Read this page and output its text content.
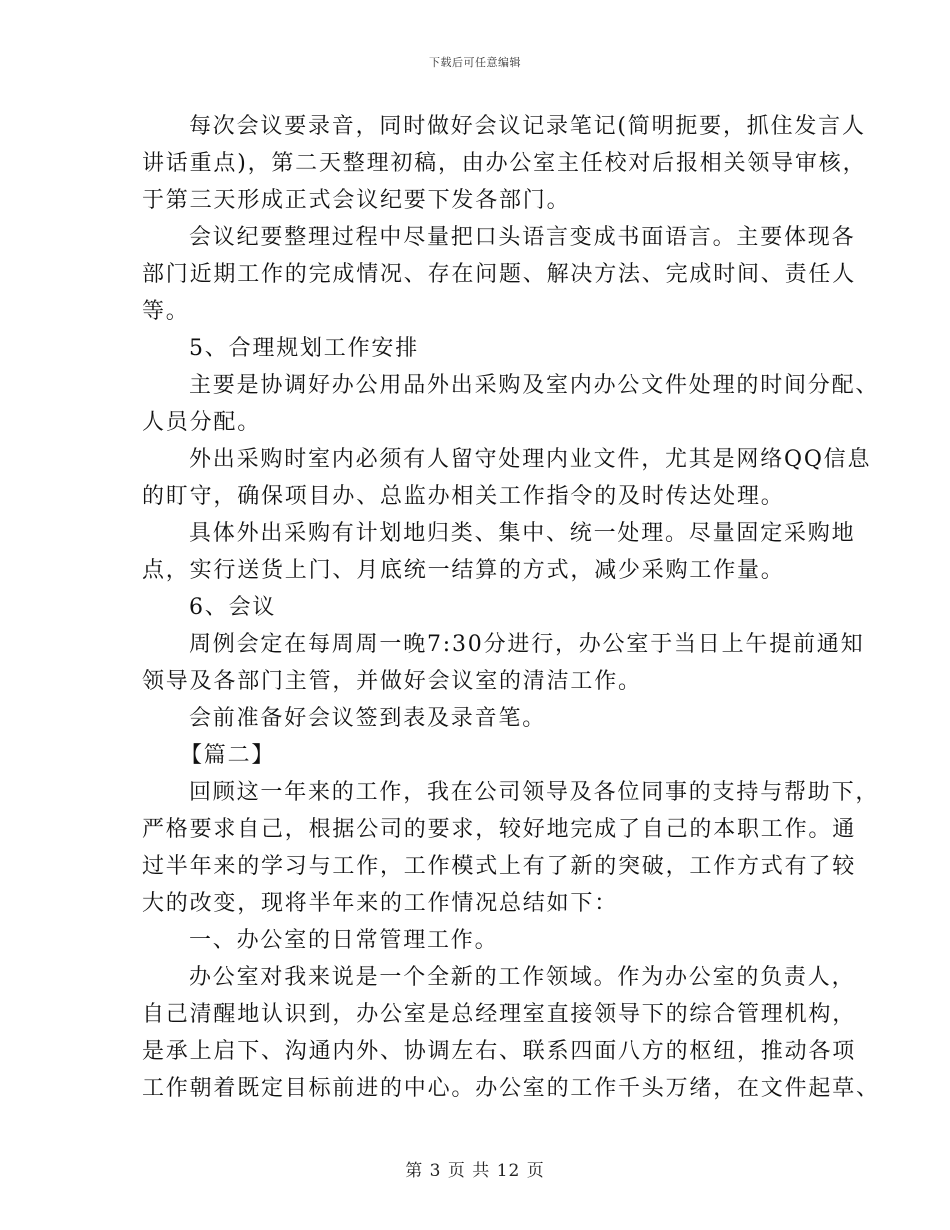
下载后可任意编辑
每次会议要录音，同时做好会议记录笔记(简明扼要，抓住发言人
讲话重点)，第二天整理初稿，由办公室主任校对后报相关领导审核，
于第三天形成正式会议纪要下发各部门。
会议纪要整理过程中尽量把口头语言变成书面语言。主要体现各
部门近期工作的完成情况、存在问题、解决方法、完成时间、责任人
等。
5、合理规划工作安排
主要是协调好办公用品外出采购及室内办公文件处理的时间分配、
人员分配。
外出采购时室内必须有人留守处理内业文件，尤其是网络QQ信息
的盯守，确保项目办、总监办相关工作指令的及时传达处理。
具体外出采购有计划地归类、集中、统一处理。尽量固定采购地
点，实行送货上门、月底统一结算的方式，减少采购工作量。
6、会议
周例会定在每周周一晚7:30分进行，办公室于当日上午提前通知
领导及各部门主管，并做好会议室的清洁工作。
会前准备好会议签到表及录音笔。
【篇二】
回顾这一年来的工作，我在公司领导及各位同事的支持与帮助下，
严格要求自己，根据公司的要求，较好地完成了自己的本职工作。通
过半年来的学习与工作，工作模式上有了新的突破，工作方式有了较
大的改变，现将半年来的工作情况总结如下：
一、办公室的日常管理工作。
办公室对我来说是一个全新的工作领域。作为办公室的负责人，
自己清醒地认识到，办公室是总经理室直接领导下的综合管理机构，
是承上启下、沟通内外、协调左右、联系四面八方的枢纽，推动各项
工作朝着既定目标前进的中心。办公室的工作千头万绪，在文件起草、
第 3 页 共 12 页
